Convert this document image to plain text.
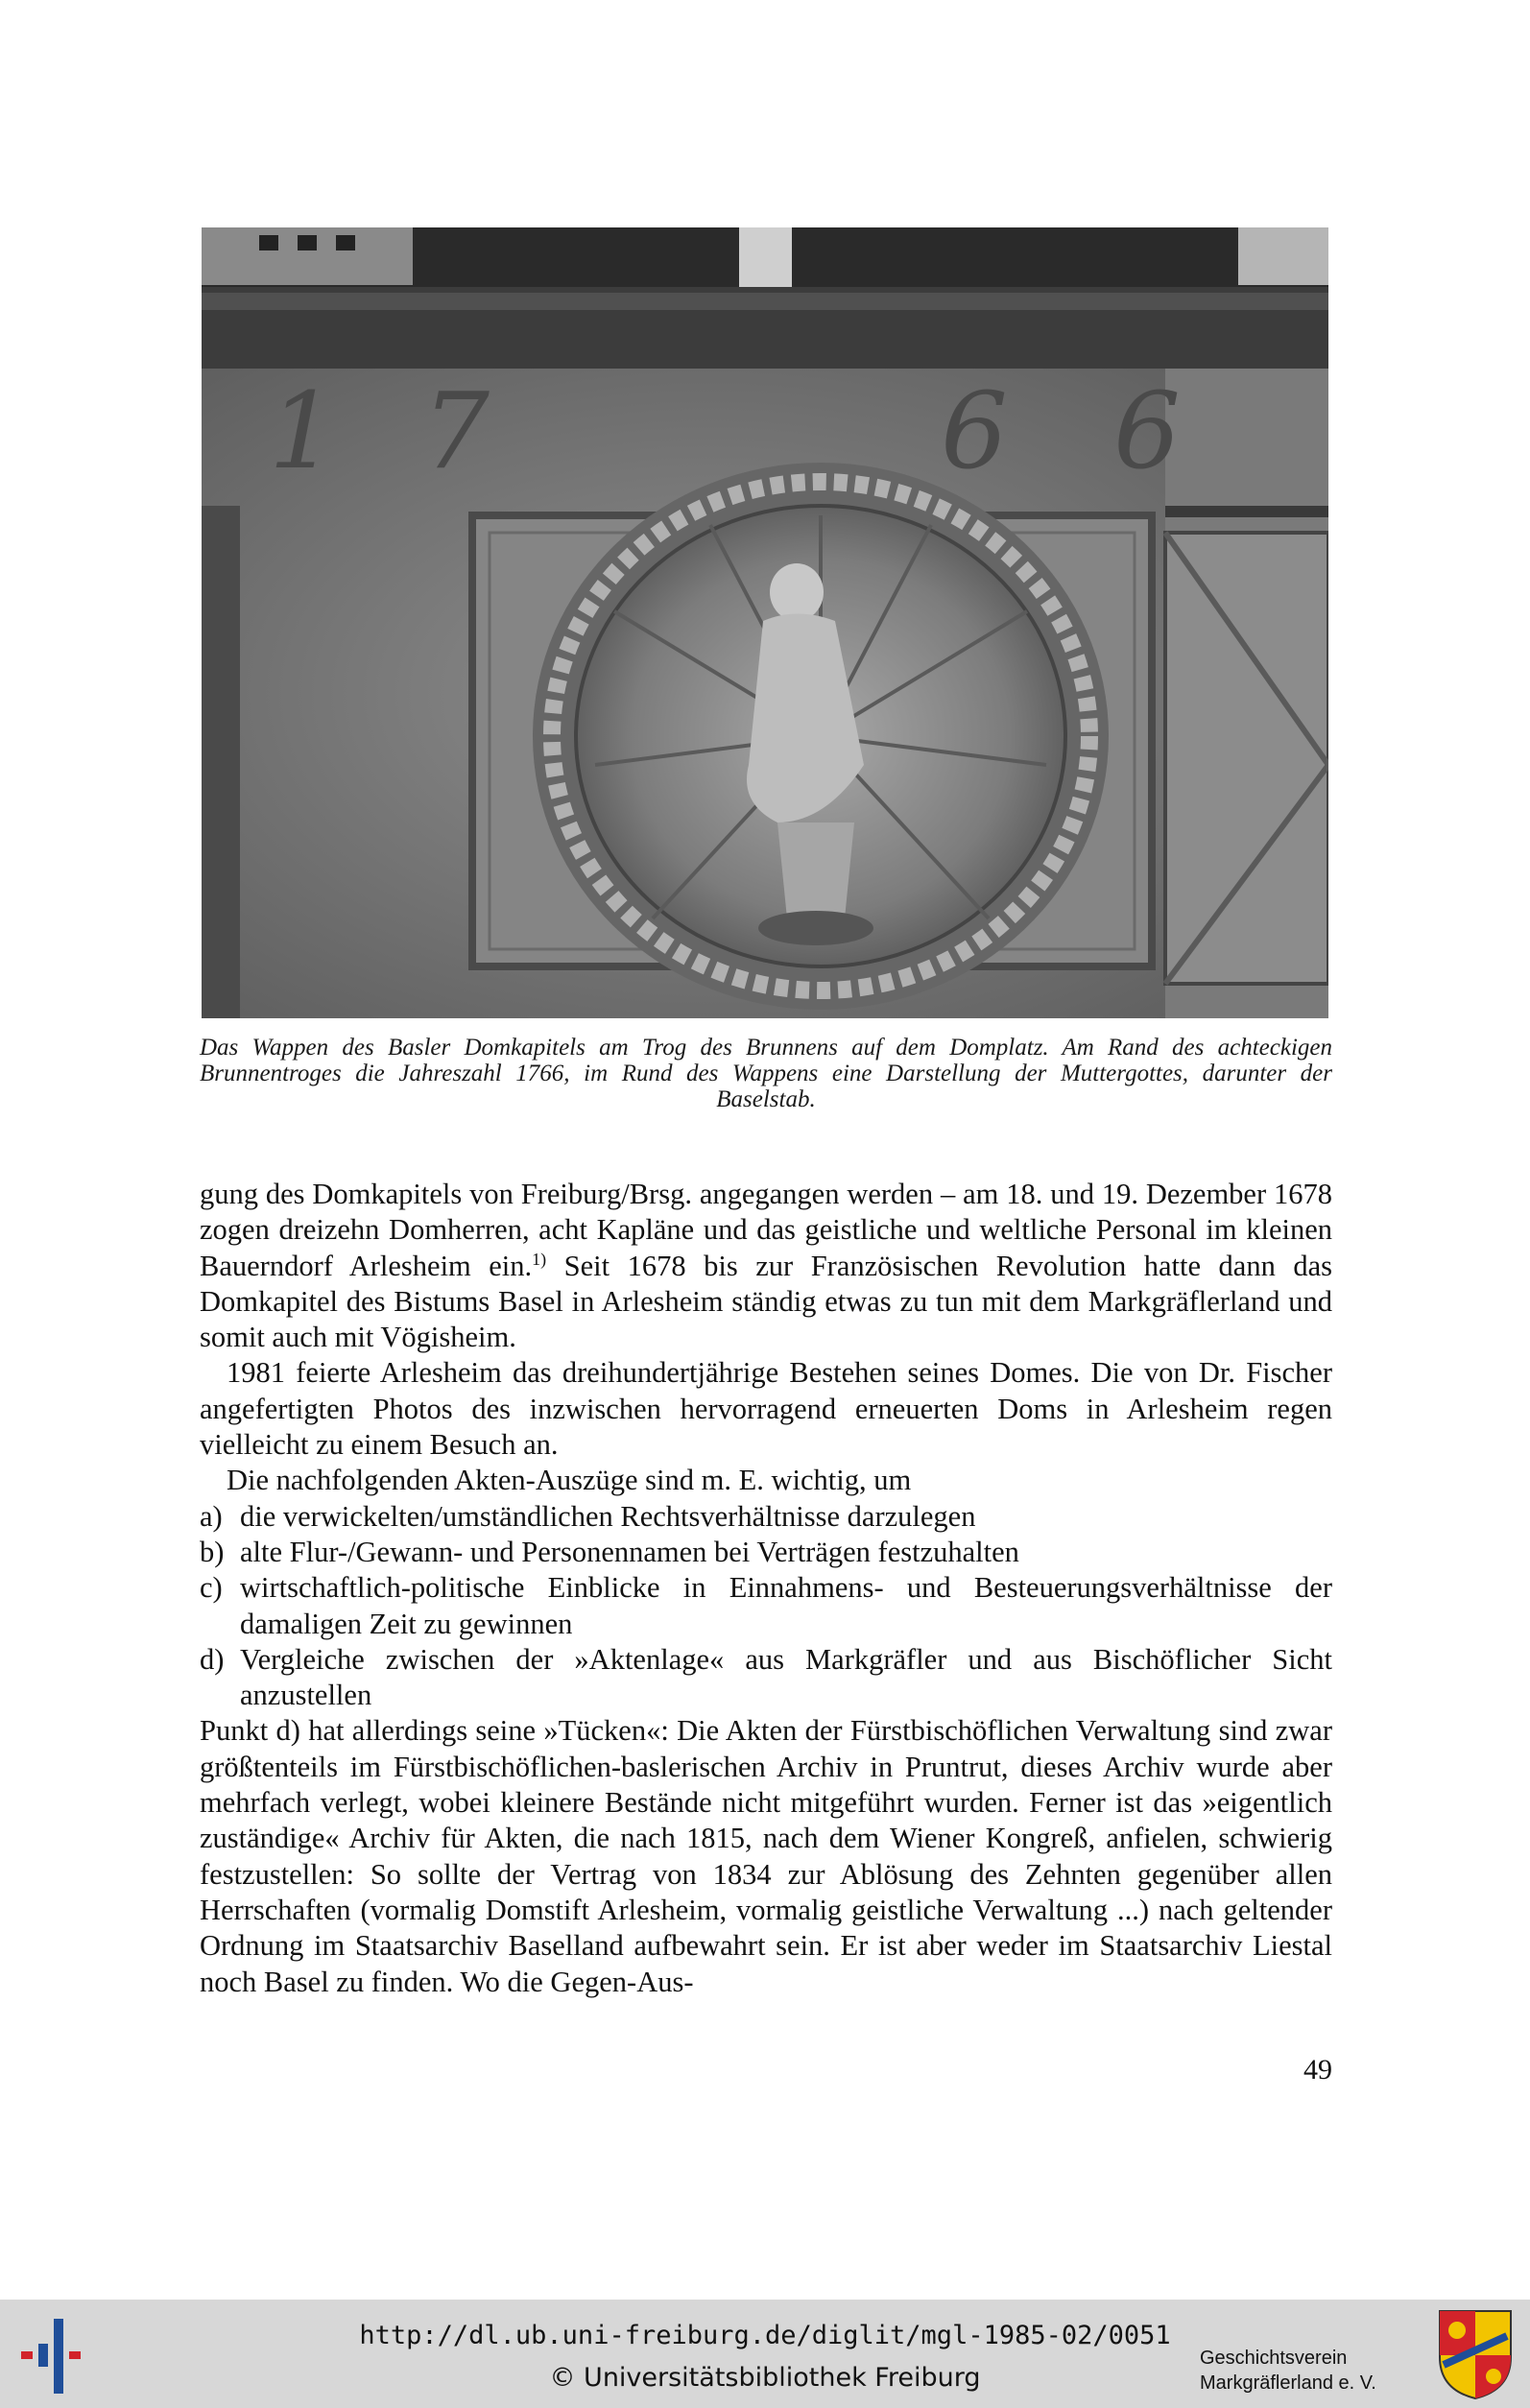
1 7	6 6
Das Wappen des Basler Domkapitels am Trog des Brunnens auf dem Domplatz. Am Rand des achteckigen Brunnentroges die Jahreszahl 1766, im Rund des Wappens eine Darstellung der Muttergottes, darunter der Baselstab.

gung des Domkapitels von Freiburg/Brsg. angegangen werden – am 18. und 19. Dezember 1678 zogen dreizehn Domherren, acht Kapläne und das geistliche und weltliche Personal im kleinen Bauerndorf Arlesheim ein.$^{1)}$ Seit 1678 bis zur Französischen Revolution hatte dann das Domkapitel des Bistums Basel in Arlesheim ständig etwas zu tun mit dem Markgräflerland und somit auch mit Vögisheim.

1981 feierte Arlesheim das dreihundertjährige Bestehen seines Domes. Die von Dr. Fischer angefertigten Photos des inzwischen hervorragend erneuerten Doms in Arlesheim regen vielleicht zu einem Besuch an.

Die nachfolgenden Akten-Auszüge sind m. E. wichtig, um

a) die verwickelten/umständlichen Rechtsverhältnisse darzulegen
b) alte Flur-/Gewann- und Personennamen bei Verträgen festzuhalten
c) wirtschaftlich-politische Einblicke in Einnahmens- und Besteuerungsverhältnisse der damaligen Zeit zu gewinnen
d) Vergleiche zwischen der »Aktenlage« aus Markgräfler und aus Bischöflicher Sicht anzustellen

Punkt d) hat allerdings seine »Tücken«: Die Akten der Fürstbischöflichen Verwaltung sind zwar größtenteils im Fürstbischöflichen-baslerischen Archiv in Pruntrut, dieses Archiv wurde aber mehrfach verlegt, wobei kleinere Bestände nicht mitgeführt wurden. Ferner ist das »eigentlich zuständige« Archiv für Akten, die nach 1815, nach dem Wiener Kongreß, anfielen, schwierig festzustellen: So sollte der Vertrag von 1834 zur Ablösung des Zehnten gegenüber allen Herrschaften (vormalig Domstift Arlesheim, vormalig geistliche Verwaltung ...) nach geltender Ordnung im Staatsarchiv Baselland aufbewahrt sein. Er ist aber weder im Staatsarchiv Liestal noch Basel zu finden. Wo die Gegen-Aus-

49
http://dl.ub.uni-freiburg.de/diglit/mgl-1985-02/0051
© Universitätsbibliothek Freiburg
Geschichtsverein
Markgräflerland e. V.
